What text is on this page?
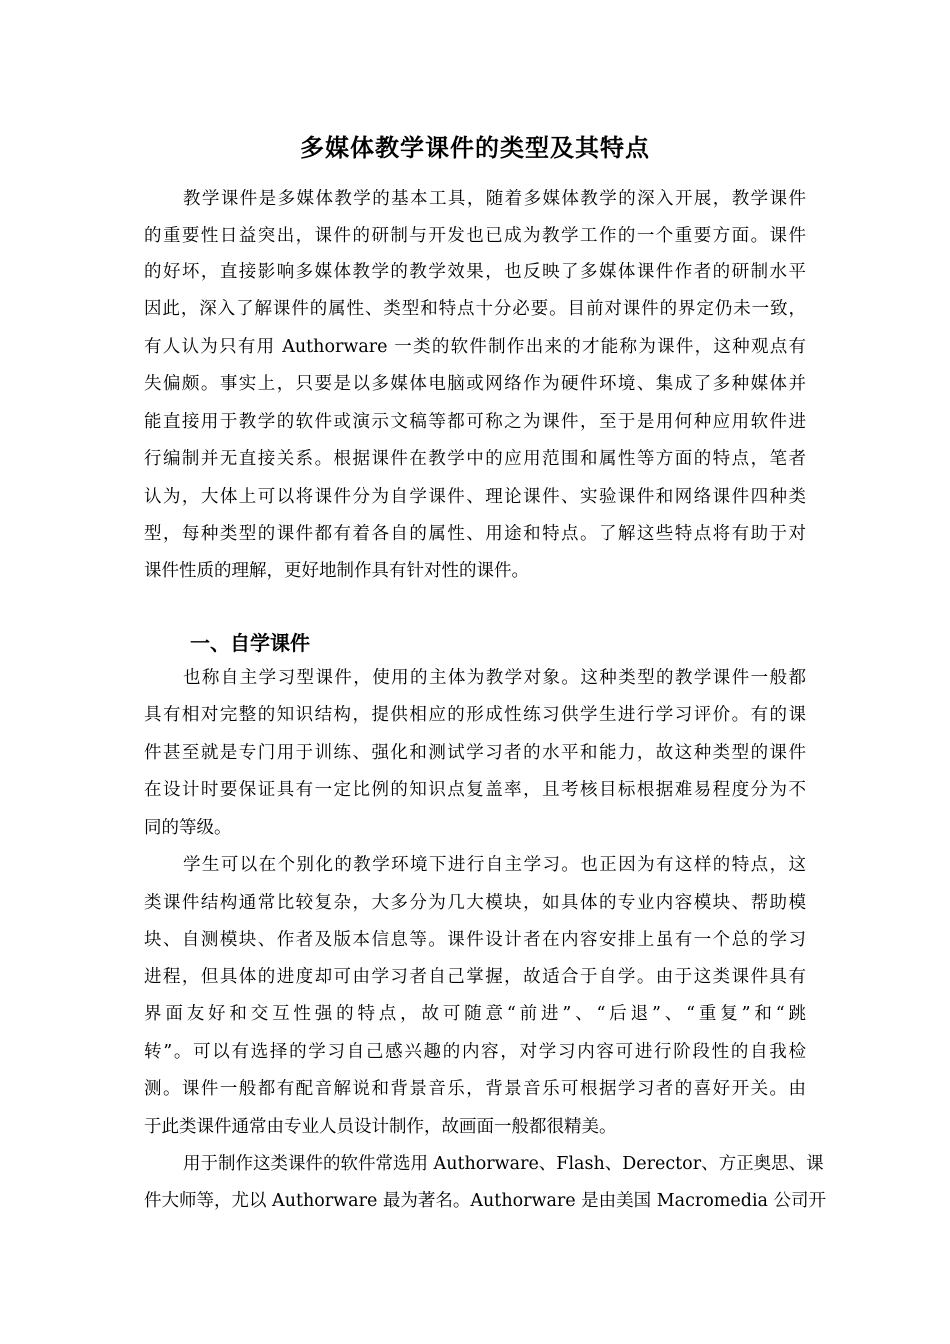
多媒体教学课件的类型及其特点
教学课件是多媒体教学的基本工具，随着多媒体教学的深入开展，教学课件
的重要性日益突出，课件的研制与开发也已成为教学工作的一个重要方面。课件
的好坏，直接影响多媒体教学的教学效果，也反映了多媒体课件作者的研制水平
因此，深入了解课件的属性、类型和特点十分必要。目前对课件的界定仍未一致，
有人认为只有用 Authorware 一类的软件制作出来的才能称为课件，这种观点有
失偏颇。事实上，只要是以多媒体电脑或网络作为硬件环境、集成了多种媒体并
能直接用于教学的软件或演示文稿等都可称之为课件，至于是用何种应用软件进
行编制并无直接关系。根据课件在教学中的应用范围和属性等方面的特点，笔者
认为，大体上可以将课件分为自学课件、理论课件、实验课件和网络课件四种类
型，每种类型的课件都有着各自的属性、用途和特点。了解这些特点将有助于对
课件性质的理解，更好地制作具有针对性的课件。
一、自学课件
也称自主学习型课件，使用的主体为教学对象。这种类型的教学课件一般都
具有相对完整的知识结构，提供相应的形成性练习供学生进行学习评价。有的课
件甚至就是专门用于训练、强化和测试学习者的水平和能力，故这种类型的课件
在设计时要保证具有一定比例的知识点复盖率，且考核目标根据难易程度分为不
同的等级。
学生可以在个别化的教学环境下进行自主学习。也正因为有这样的特点，这
类课件结构通常比较复杂，大多分为几大模块，如具体的专业内容模块、帮助模
块、自测模块、作者及版本信息等。课件设计者在内容安排上虽有一个总的学习
进程，但具体的进度却可由学习者自己掌握，故适合于自学。由于这类课件具有
界面友好和交互性强的特点，故可随意“前进”、“后退”、“重复”和“跳
转”。可以有选择的学习自己感兴趣的内容，对学习内容可进行阶段性的自我检
测。课件一般都有配音解说和背景音乐，背景音乐可根据学习者的喜好开关。由
于此类课件通常由专业人员设计制作，故画面一般都很精美。
用于制作这类课件的软件常选用 Authorware、Flash、Derector、方正奥思、课
件大师等，尤以 Authorware 最为著名。Authorware 是由美国 Macromedia 公司开
